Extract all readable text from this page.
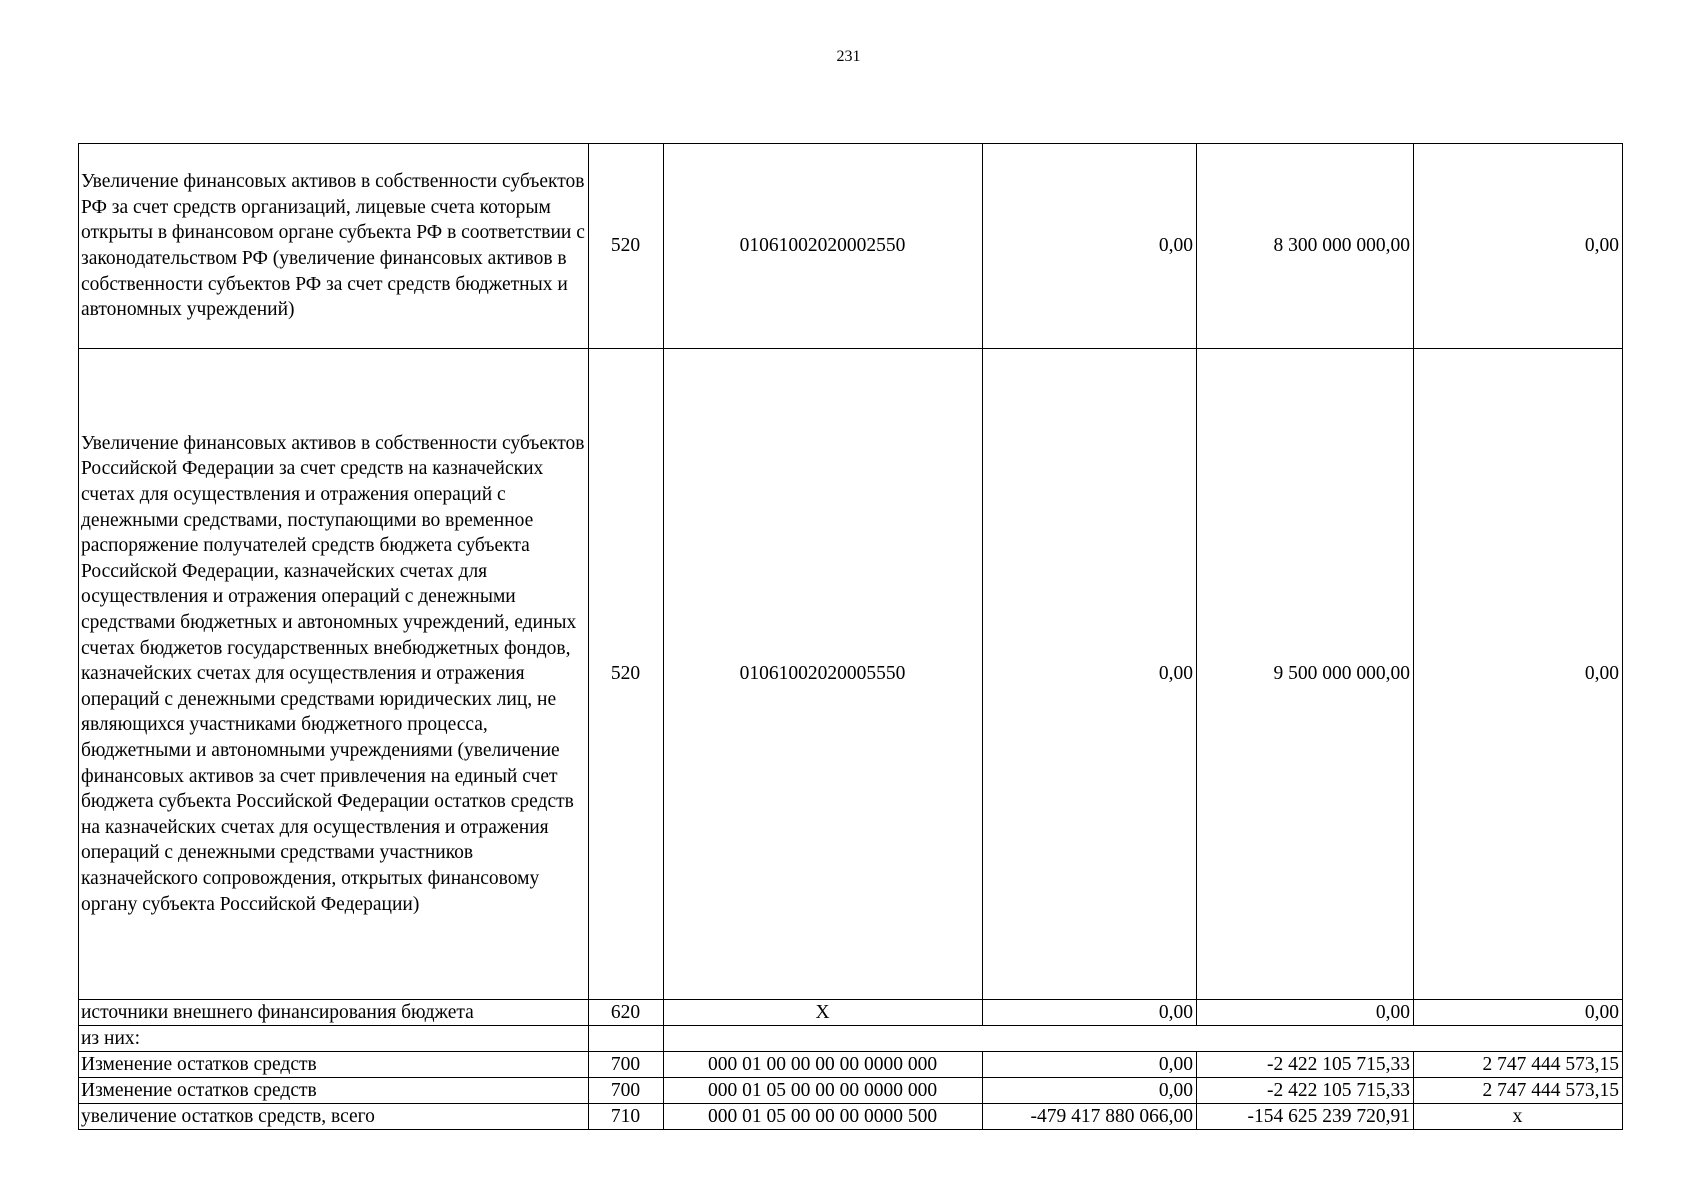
231
Увеличение финансовых активов в собственности субъектов РФ за счет средств организаций, лицевые счета которым открыты в финансовом органе субъекта РФ в соответствии с законодательством РФ (увеличение финансовых активов в собственности субъектов РФ за счет средств бюджетных и автономных учреждений)	520	01061002020002550	0,00	8 300 000 000,00	0,00
Увеличение финансовых активов в собственности субъектов Российской Федерации за счет средств на казначейских счетах для осуществления и отражения операций с денежными средствами, поступающими во временное распоряжение получателей средств бюджета субъекта Российской Федерации, казначейских счетах для осуществления и отражения операций с денежными средствами бюджетных и автономных учреждений, единых счетах бюджетов государственных внебюджетных фондов, казначейских счетах для осуществления и отражения операций с денежными средствами юридических лиц, не являющихся участниками бюджетного процесса, бюджетными и автономными учреждениями (увеличение финансовых активов за счет привлечения на единый счет бюджета субъекта Российской Федерации остатков средств на казначейских счетах для осуществления и отражения операций с денежными средствами участников казначейского сопровождения, открытых финансовому органу субъекта Российской Федерации)	520	01061002020005550	0,00	9 500 000 000,00	0,00
источники внешнего финансирования бюджета	620	X	0,00	0,00	0,00
из них:					
Изменение остатков средств	700	000 01 00 00 00 00 0000 000	0,00	-2 422 105 715,33	2 747 444 573,15
Изменение остатков средств	700	000 01 05 00 00 00 0000 000	0,00	-2 422 105 715,33	2 747 444 573,15
увеличение остатков средств, всего	710	000 01 05 00 00 00 0000 500	-479 417 880 066,00	-154 625 239 720,91	x
